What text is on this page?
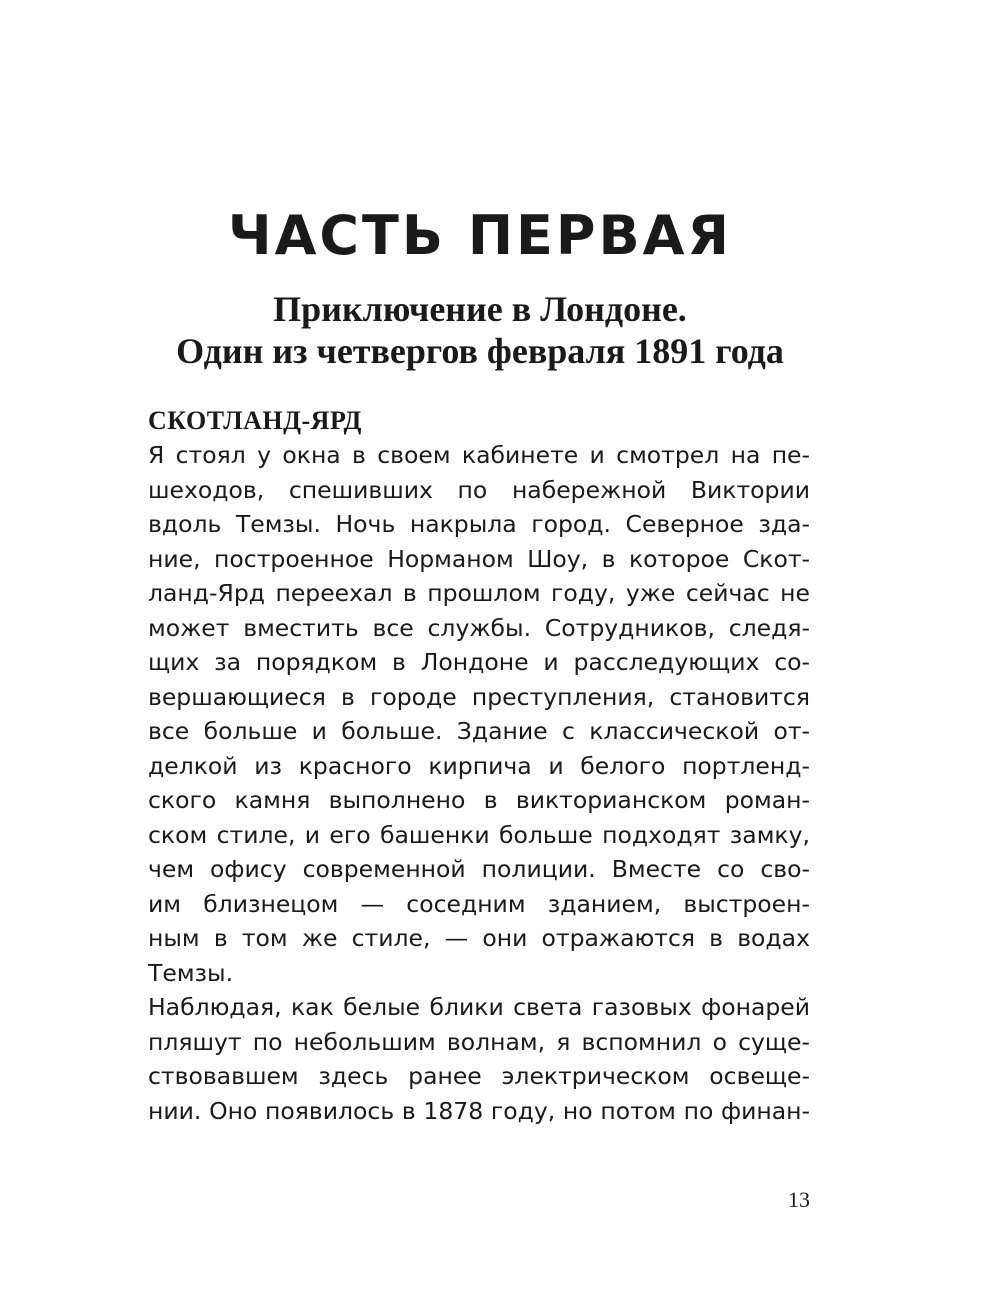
ЧАСТЬ ПЕРВАЯ
Приключение в Лондоне.
Один из четвергов февраля 1891 года
СКОТЛАНД-ЯРД
Я стоял у окна в своем кабинете и смотрел на пе-
шеходов, спешивших по набережной Виктории
вдоль Темзы. Ночь накрыла город. Северное зда-
ние, построенное Норманом Шоу, в которое Скот-
ланд-Ярд переехал в прошлом году, уже сейчас не
может вместить все службы. Сотрудников, следя-
щих за порядком в Лондоне и расследующих со-
вершающиеся в городе преступления, становится
все больше и больше. Здание с классической от-
делкой из красного кирпича и белого портленд-
ского камня выполнено в викторианском роман-
ском стиле, и его башенки больше подходят замку,
чем офису современной полиции. Вместе со сво-
им близнецом — соседним зданием, выстроен-
ным в том же стиле, — они отражаются в водах
Темзы.
Наблюдая, как белые блики света газовых фонарей
пляшут по небольшим волнам, я вспомнил о суще-
ствовавшем здесь ранее электрическом освеще-
нии. Оно появилось в 1878 году, но потом по финан-
13
